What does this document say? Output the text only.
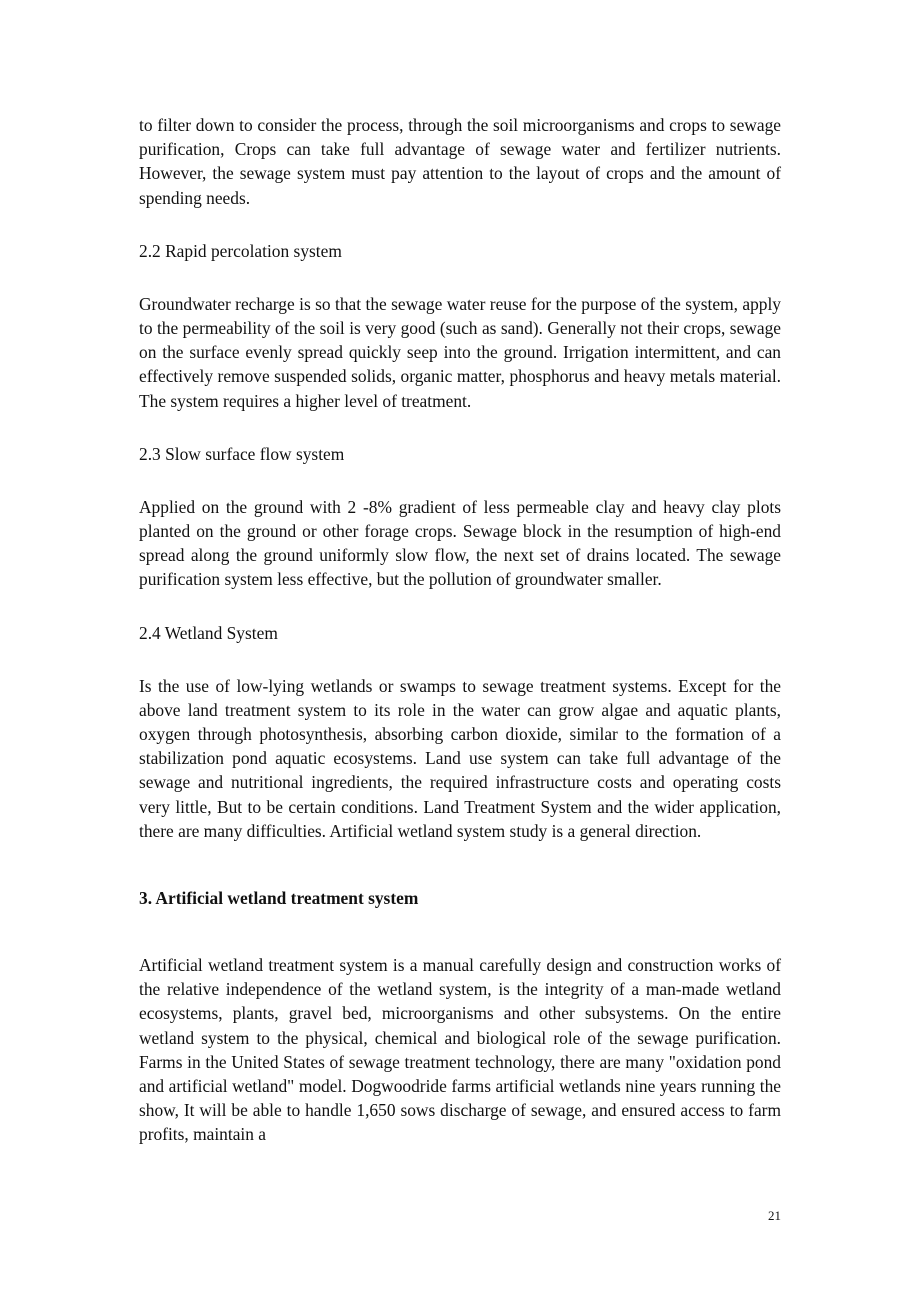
to filter down to consider the process, through the soil microorganisms and crops to sewage purification, Crops can take full advantage of sewage water and fertilizer nutrients. However, the sewage system must pay attention to the layout of crops and the amount of spending needs.

2.2 Rapid percolation system

Groundwater recharge is so that the sewage water reuse for the purpose of the system, apply to the permeability of the soil is very good (such as sand). Generally not their crops, sewage on the surface evenly spread quickly seep into the ground. Irrigation intermittent, and can effectively remove suspended solids, organic matter, phosphorus and heavy metals material. The system requires a higher level of treatment.

2.3 Slow surface flow system

Applied on the ground with 2 -8% gradient of less permeable clay and heavy clay plots planted on the ground or other forage crops. Sewage block in the resumption of high-end spread along the ground uniformly slow flow, the next set of drains located. The sewage purification system less effective, but the pollution of groundwater smaller.

2.4 Wetland System

Is the use of low-lying wetlands or swamps to sewage treatment systems. Except for the above land treatment system to its role in the water can grow algae and aquatic plants, oxygen through photosynthesis, absorbing carbon dioxide, similar to the formation of a stabilization pond aquatic ecosystems. Land use system can take full advantage of the sewage and nutritional ingredients, the required infrastructure costs and operating costs very little, But to be certain conditions. Land Treatment System and the wider application, there are many difficulties. Artificial wetland system study is a general direction.

3. Artificial wetland treatment system

Artificial wetland treatment system is a manual carefully design and construction works of the relative independence of the wetland system, is the integrity of a man-made wetland ecosystems, plants, gravel bed, microorganisms and other subsystems. On the entire wetland system to the physical, chemical and biological role of the sewage purification. Farms in the United States of sewage treatment technology, there are many "oxidation pond and artificial wetland" model. Dogwoodride farms artificial wetlands nine years running the show, It will be able to handle 1,650 sows discharge of sewage, and ensured access to farm profits, maintain a

21
